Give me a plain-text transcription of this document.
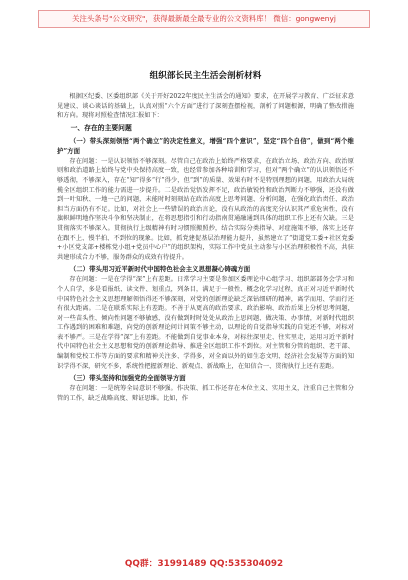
关注头条号"公文研究"，获得最新最全最专业的公文资料库！ 微信：gongwenyj
组织部长民主生活会剖析材料

根据区纪委、区委组织部《关于开好2022年度民主生活会的通知》要求，在开展学习教育、广泛征求意见建议、谈心谈话的基础上，认真对照“六个方面”进行了深刻查摆检视，剖析了问题根源，明确了整改措施和方向。现将对照检查情况汇报如下：

一、存在的主要问题

（一）带头深刻领悟“两个确立”的决定性意义，增强“四个意识”，坚定“四个自信”，做到“两个维护”方面

存在问题：一是认识领悟不够深刻。尽管自己在政治上始终严格要求，在政治立场、政治方向、政治原则和政治道路上始终与党中央保持高度一致，也经常参加各种培训和学习，但对“两个确立”的认识领悟还不够透彻，不够深入，存在“知”得多“行”得少，但“到”的质量、效果有时不是特别理想的问题，用政治大局统揽全区组织工作的能力需进一步提升。二是政治觉悟发挥不足，政治敏锐性和政治判断力不够强，还没有做到一叶知秋、一地一己的问题，未能时时刻刻站在政治高度上思考问题、分析问题，在强化政治责任、政治担当方面仍有不足。比如，对社会上一些错误的政治言论，没有从政治的高度充分认识其严重危害性，没有旗帜鲜明地作坚决斗争和坚决制止，在将思想指引和行动指南贯通融通到具体的组织工作上还有欠缺。三是贯彻落实不够深入。贯彻执行上级精神有时习惯照搬照抄，结合实际分类指导、对症施策不够，落实上还存在跟不上、慢半拍、不到位的现象。比如，抓党建促基层治理能力提升，虽然建立了“街道党工委+社区党委+小区党支部+楼栋党小组+党员中心户”的组织架构，实际工作中党员主动参与小区治理积极性不高，共驻共建形成合力不够，服务群众的成效有待提升。

（二）带头用习近平新时代中国特色社会主义思想凝心铸魂方面

存在问题：一是在学得“深”上有差距。日常学习主要是参加区委理论中心组学习、组织部部务会学习和个人自学，多是看报纸、读文件、划重点，列条目，满足于一般性、概念化学习过程，真正对习近平新时代中国特色社会主义思想理解领悟得还不够深刻，对党的创新理论缺乏深钻细研的精神，离学而用、学而行还有很大距离。二是在联系实际上有差距。不善于从更高的政治要求、政治影响、政治后果上分析思考问题，对一些苗头性、倾向性问题不够敏感，没有做到时时处处从政治上思问题、做决策、办事情，对新时代组织工作遇到的困难和难题，向党的创新理论问计问策不够主动，以理论的自觉指导实践的自觉还不够，对标对表不够严。三是在学得“深”上有差距。不能做到自觉事业本身，对标往深里走、往实里走，运用习近平新时代中国特色社会主义思想和党的创新理论指导、推进全区组织工作不到位。对主管和分管的组织、老干部、编制和党校工作等方面的要求和精神关注多、学得多，对全面以外的如生态文明、经济社会发展等方面的知识学得不深，研究不多，系统性把握新理论、新观点、新战略上，在知信合一、贯彻执行上还有差距。

（三）带头坚持和加强党的全面领导方面

存在问题：一是统筹全局意识不够强。作决策、抓工作还存在本位主义、实用主义，注重自己主管和分管的工作，缺乏战略高度、辩证思维。比如，作

QQ群：31991489 QQ:535304092
